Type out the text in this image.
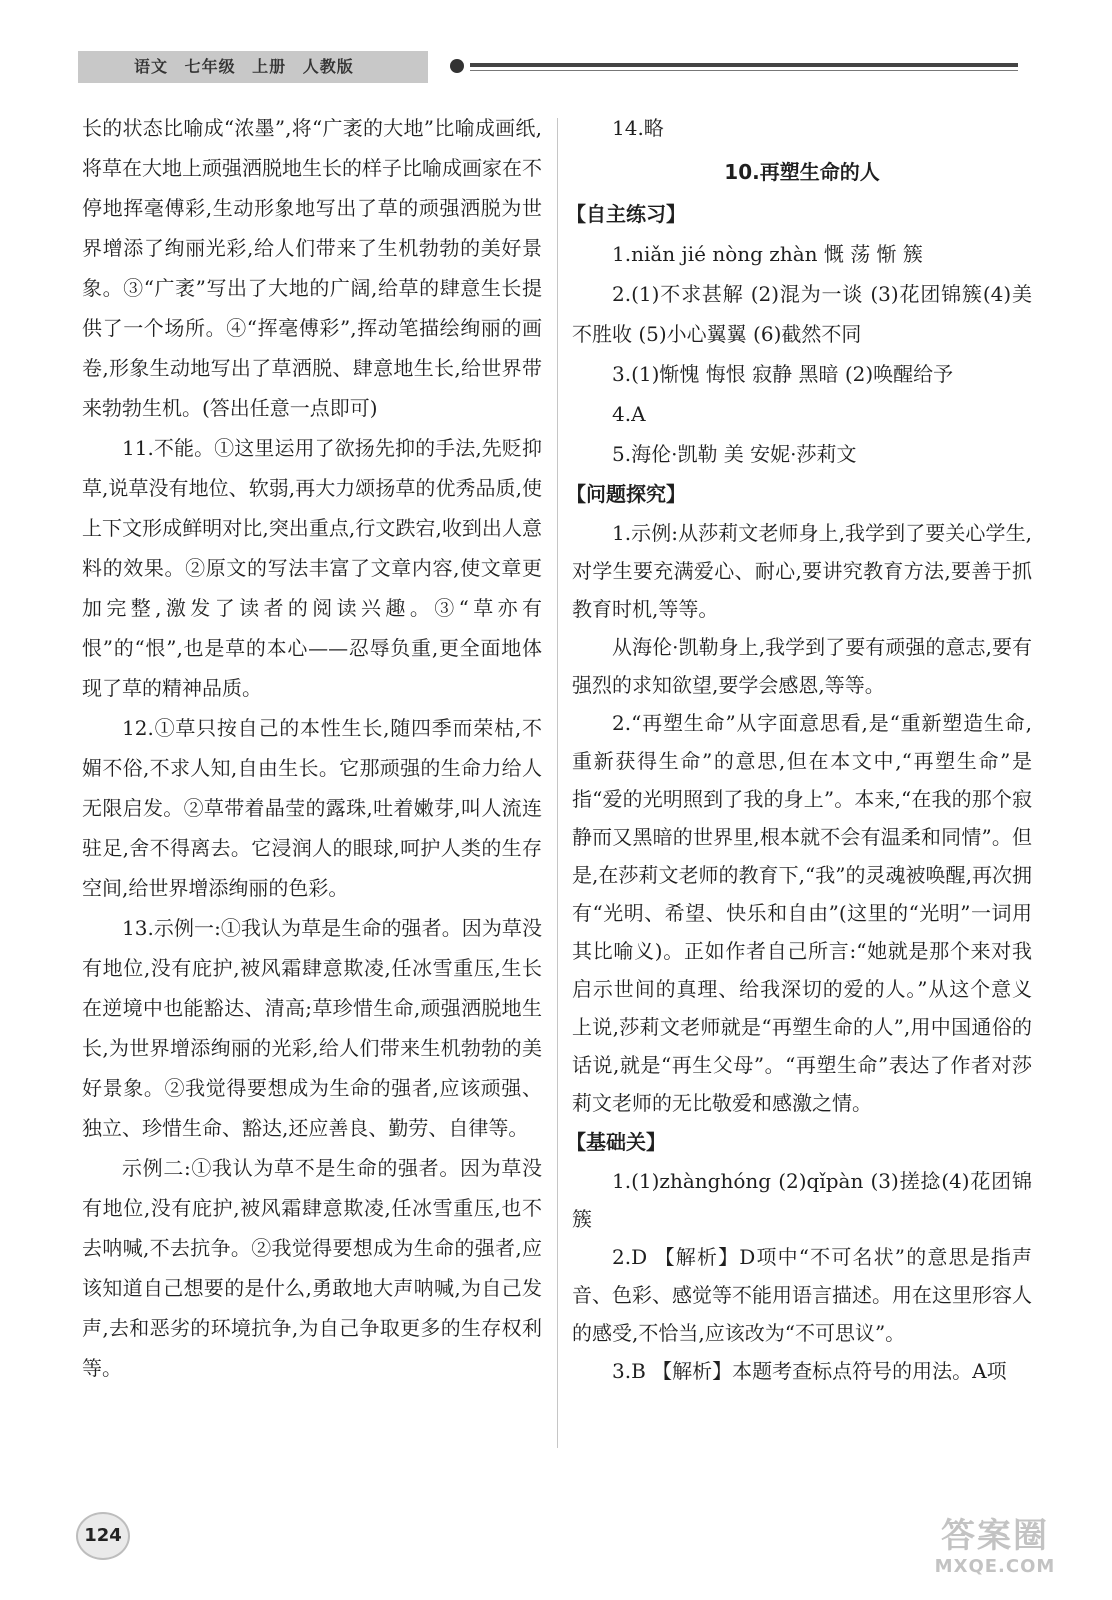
语文 七年级 上册 人教版

长的状态比喻成“浓墨”,将“广袤的大地”比喻成画纸,将草在大地上顽强洒脱地生长的样子比喻成画家在不停地挥毫傅彩,生动形象地写出了草的顽强洒脱为世界增添了绚丽光彩,给人们带来了生机勃勃的美好景象。③“广袤”写出了大地的广阔,给草的肆意生长提供了一个场所。④“挥毫傅彩”,挥动笔描绘绚丽的画卷,形象生动地写出了草洒脱、肆意地生长,给世界带来勃勃生机。(答出任意一点即可)

11.不能。①这里运用了欲扬先抑的手法,先贬抑草,说草没有地位、软弱,再大力颂扬草的优秀品质,使上下文形成鲜明对比,突出重点,行文跌宕,收到出人意料的效果。②原文的写法丰富了文章内容,使文章更加完整,激发了读者的阅读兴趣。③“草亦有恨”的“恨”,也是草的本心——忍辱负重,更全面地体现了草的精神品质。

12.①草只按自己的本性生长,随四季而荣枯,不媚不俗,不求人知,自由生长。它那顽强的生命力给人无限启发。②草带着晶莹的露珠,吐着嫩芽,叫人流连驻足,舍不得离去。它浸润人的眼球,呵护人类的生存空间,给世界增添绚丽的色彩。

13.示例一:①我认为草是生命的强者。因为草没有地位,没有庇护,被风霜肆意欺凌,任冰雪重压,生长在逆境中也能豁达、清高;草珍惜生命,顽强洒脱地生长,为世界增添绚丽的光彩,给人们带来生机勃勃的美好景象。②我觉得要想成为生命的强者,应该顽强、独立、珍惜生命、豁达,还应善良、勤劳、自律等。

示例二:①我认为草不是生命的强者。因为草没有地位,没有庇护,被风霜肆意欺凌,任冰雪重压,也不去呐喊,不去抗争。②我觉得要想成为生命的强者,应该知道自己想要的是什么,勇敢地大声呐喊,为自己发声,去和恶劣的环境抗争,为自己争取更多的生存权利等。

14.略

10.再塑生命的人

【自主练习】

1.niǎn jié nòng zhàn 慨 荡 惭 簇

2.(1)不求甚解 (2)混为一谈 (3)花团锦簇(4)美不胜收 (5)小心翼翼 (6)截然不同

3.(1)惭愧 悔恨 寂静 黑暗 (2)唤醒给予

4.A

5.海伦·凯勒 美 安妮·莎莉文

【问题探究】

1.示例:从莎莉文老师身上,我学到了要关心学生,对学生要充满爱心、耐心,要讲究教育方法,要善于抓教育时机,等等。

从海伦·凯勒身上,我学到了要有顽强的意志,要有强烈的求知欲望,要学会感恩,等等。

2.“再塑生命”从字面意思看,是“重新塑造生命,重新获得生命”的意思,但在本文中,“再塑生命”是指“爱的光明照到了我的身上”。本来,“在我的那个寂静而又黑暗的世界里,根本就不会有温柔和同情”。但是,在莎莉文老师的教育下,“我”的灵魂被唤醒,再次拥有“光明、希望、快乐和自由”(这里的“光明”一词用其比喻义)。正如作者自己所言:“她就是那个来对我启示世间的真理、给我深切的爱的人。”从这个意义上说,莎莉文老师就是“再塑生命的人”,用中国通俗的话说,就是“再生父母”。“再塑生命”表达了作者对莎莉文老师的无比敬爱和感激之情。

【基础关】

1.(1)zhànghóng (2)qǐpàn (3)搓捻(4)花团锦簇

2.D 【解析】D项中“不可名状”的意思是指声音、色彩、感觉等不能用语言描述。用在这里形容人的感受,不恰当,应该改为“不可思议”。

3.B 【解析】本题考查标点符号的用法。A项

124	答案圈
MXQE.COM
